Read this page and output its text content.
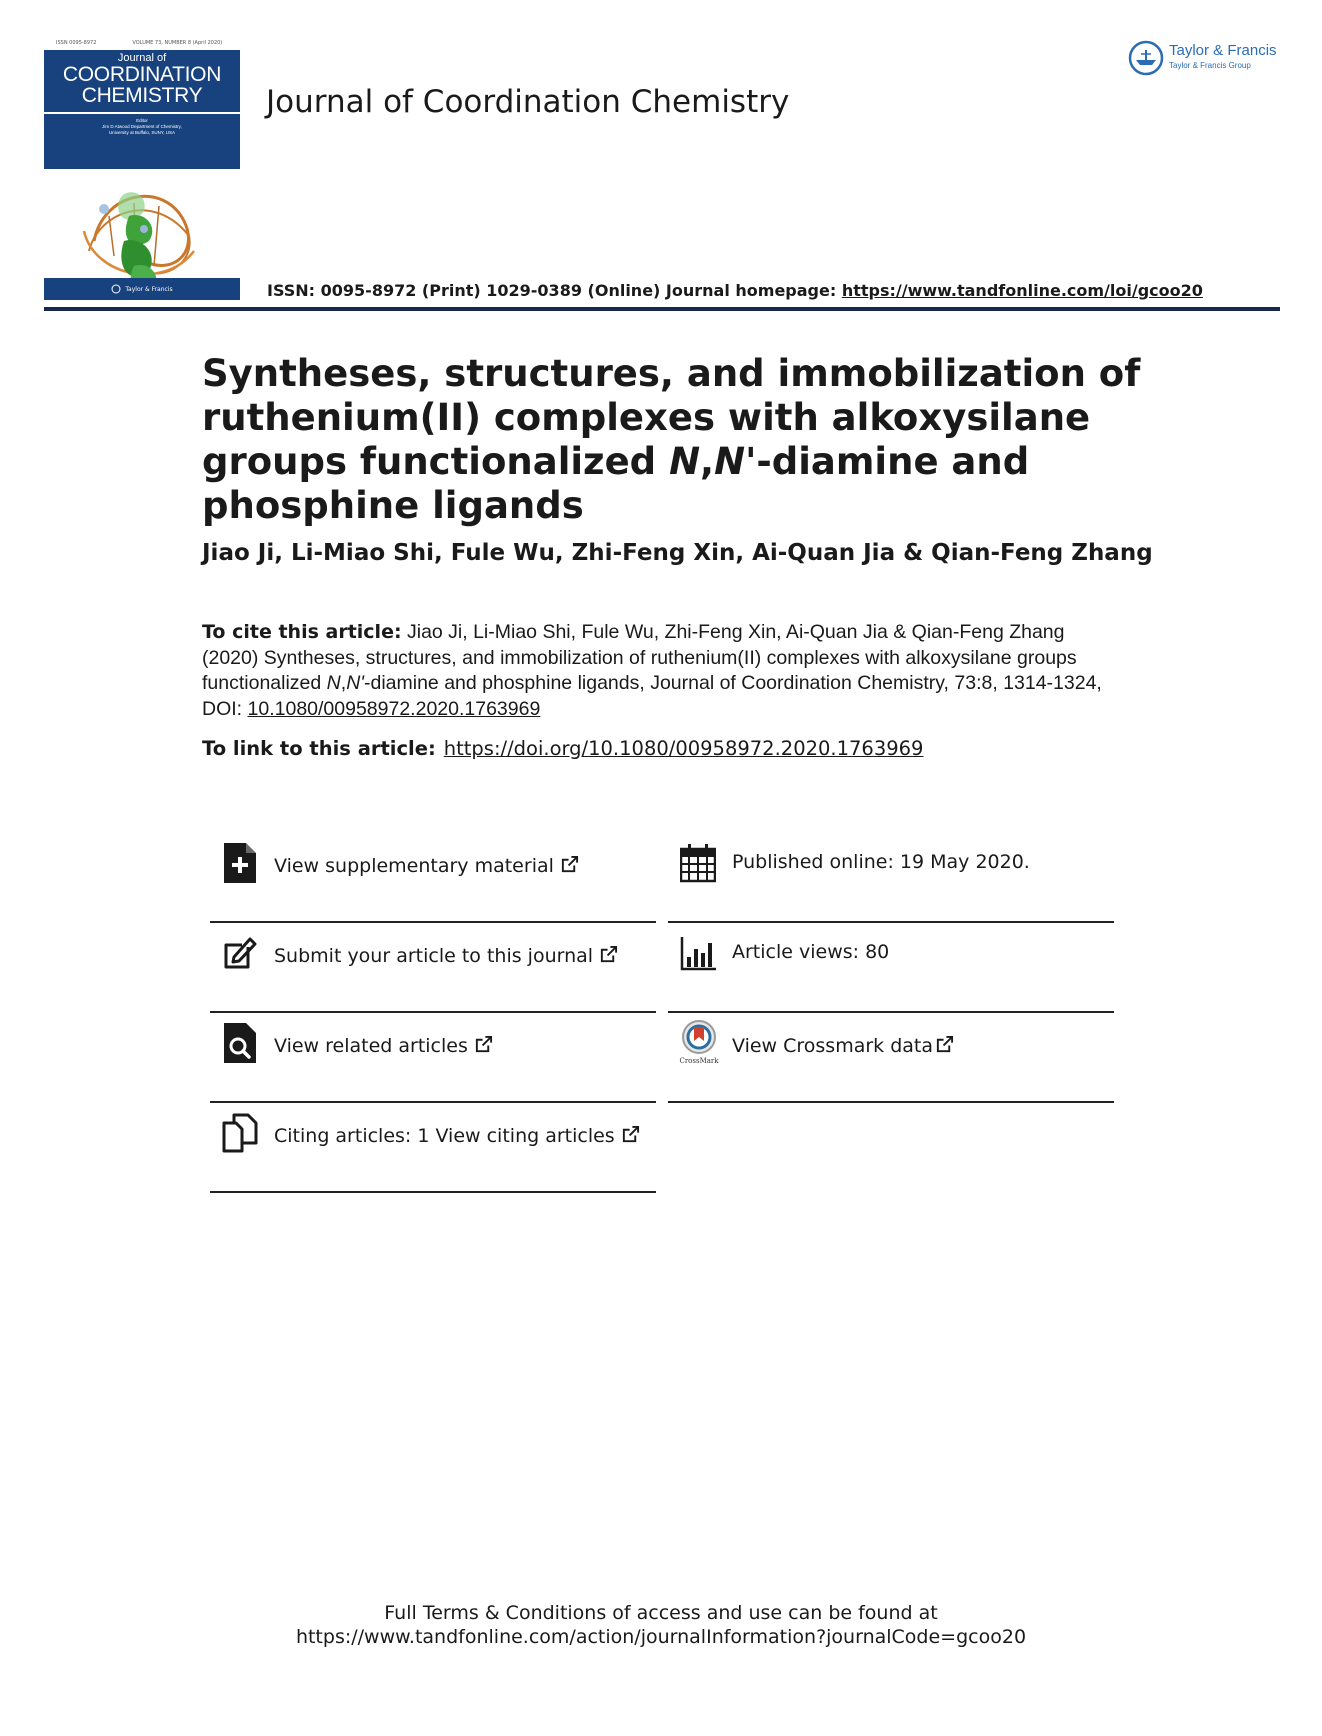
ISSN 0095-8972	VOLUME 73, NUMBER 8 (April 2020)
Journal of
COORDINATION
CHEMISTRY
Editor
Jim D Atwood Department of Chemistry,
University at Buffalo, SUNY, USA
Taylor & Francis
Journal of Coordination Chemistry
Taylor & Francis
Taylor & Francis Group
ISSN: 0095-8972 (Print) 1029-0389 (Online) Journal homepage: https://www.tandfonline.com/loi/gcoo20
Syntheses, structures, and immobilization of ruthenium(II) complexes with alkoxysilane groups functionalized N,N'-diamine and phosphine ligands
Jiao Ji, Li-Miao Shi, Fule Wu, Zhi-Feng Xin, Ai-Quan Jia & Qian-Feng Zhang
To cite this article: Jiao Ji, Li-Miao Shi, Fule Wu, Zhi-Feng Xin, Ai-Quan Jia & Qian-Feng Zhang (2020) Syntheses, structures, and immobilization of ruthenium(II) complexes with alkoxysilane groups functionalized N,N'-diamine and phosphine ligands, Journal of Coordination Chemistry, 73:8, 1314-1324, DOI: 10.1080/00958972.2020.1763969
To link to this article: https://doi.org/10.1080/00958972.2020.1763969
View supplementary material
Submit your article to this journal
View related articles
Citing articles: 1 View citing articles
Published online: 19 May 2020.
Article views: 80
CrossMark
View Crossmark data
Full Terms & Conditions of access and use can be found at
https://www.tandfonline.com/action/journalInformation?journalCode=gcoo20
